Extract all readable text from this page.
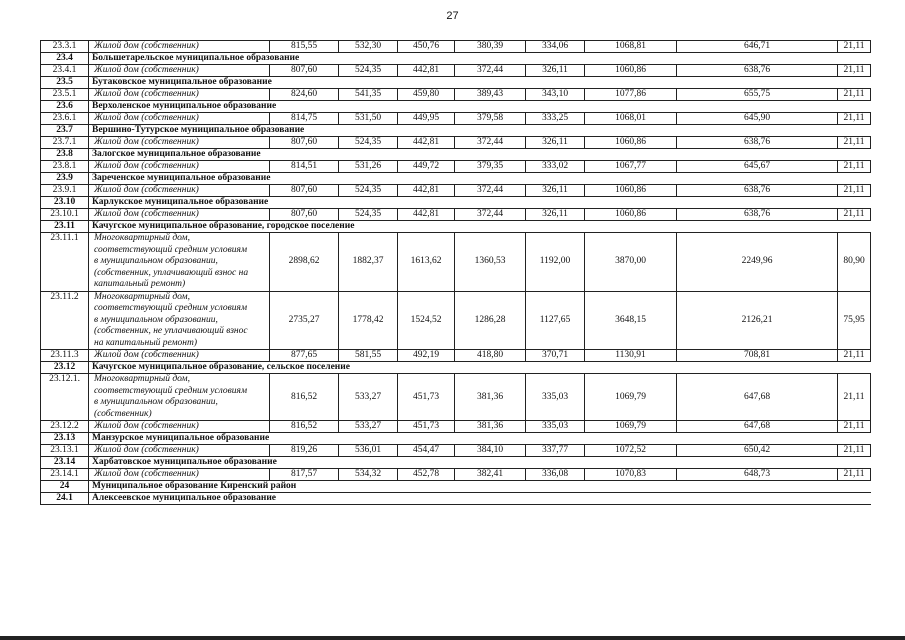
27
23.3.1	Жилой дом (собственник)	815,55	532,30	450,76	380,39	334,06	1068,81	646,71	21,11
23.4	Большетарельское муниципальное образование								
23.4.1	Жилой дом (собственник)	807,60	524,35	442,81	372,44	326,11	1060,86	638,76	21,11
23.5	Бутаковское муниципальное образование								
23.5.1	Жилой дом (собственник)	824,60	541,35	459,80	389,43	343,10	1077,86	655,75	21,11
23.6	Верхоленское муниципальное образование								
23.6.1	Жилой дом (собственник)	814,75	531,50	449,95	379,58	333,25	1068,01	645,90	21,11
23.7	Вершино-Тутурское муниципальное образование								
23.7.1	Жилой дом (собственник)	807,60	524,35	442,81	372,44	326,11	1060,86	638,76	21,11
23.8	Залогское муниципальное образование								
23.8.1	Жилой дом (собственник)	814,51	531,26	449,72	379,35	333,02	1067,77	645,67	21,11
23.9	Зареченское муниципальное образование								
23.9.1	Жилой дом (собственник)	807,60	524,35	442,81	372,44	326,11	1060,86	638,76	21,11
23.10	Карлукское муниципальное образование								
23.10.1	Жилой дом (собственник)	807,60	524,35	442,81	372,44	326,11	1060,86	638,76	21,11
23.11	Качугское муниципальное образование, городское поселение								
23.11.1	Многоквартирный дом,
соответствующий средним условиям
в муниципальном образовании,
(собственник, уплачивающий взнос на
капитальный ремонт)	2898,62	1882,37	1613,62	1360,53	1192,00	3870,00	2249,96	80,90
23.11.2	Многоквартирный дом,
соответствующий средним условиям
в муниципальном образовании,
(собственник, не уплачивающий взнос
на капитальный ремонт)	2735,27	1778,42	1524,52	1286,28	1127,65	3648,15	2126,21	75,95
23.11.3	Жилой дом (собственник)	877,65	581,55	492,19	418,80	370,71	1130,91	708,81	21,11
23.12	Качугское муниципальное образование, сельское поселение								
23.12.1.	Многоквартирный дом,
соответствующий средним условиям
в муниципальном образовании,
(собственник)	816,52	533,27	451,73	381,36	335,03	1069,79	647,68	21,11
23.12.2	Жилой дом (собственник)	816,52	533,27	451,73	381,36	335,03	1069,79	647,68	21,11
23.13	Манзурское муниципальное образование								
23.13.1	Жилой дом (собственник)	819,26	536,01	454,47	384,10	337,77	1072,52	650,42	21,11
23.14	Харбатовское муниципальное образование								
23.14.1	Жилой дом (собственник)	817,57	534,32	452,78	382,41	336,08	1070,83	648,73	21,11
24	Муниципальное образование Киренский район								
24.1	Алексеевское муниципальное образование								
